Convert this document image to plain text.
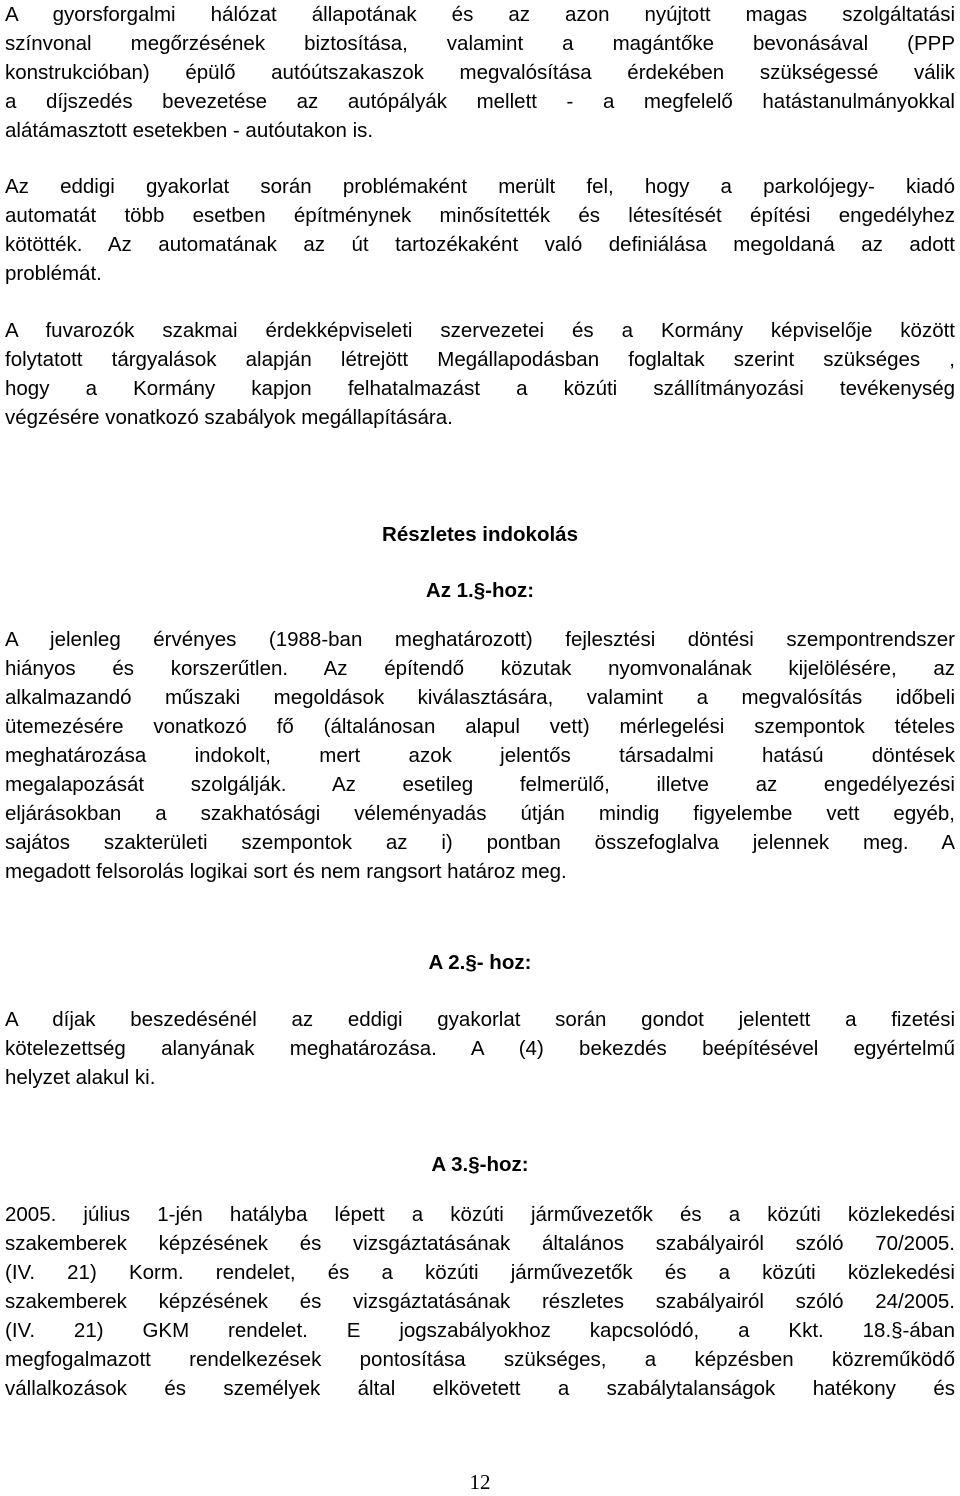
A gyorsforgalmi hálózat állapotának és az azon nyújtott magas szolgáltatási
színvonal megőrzésének biztosítása, valamint a magántőke bevonásával (PPP
konstrukcióban) épülő autóútszakaszok megvalósítása érdekében szükségessé válik
a díjszedés bevezetése az autópályák mellett - a megfelelő hatástanulmányokkal
alátámasztott esetekben - autóutakon is.
Az eddigi gyakorlat során problémaként merült fel, hogy a parkolójegy- kiadó
automatát több esetben építménynek minősítették és létesítését építési engedélyhez
kötötték. Az automatának az út tartozékaként való definiálása megoldaná az adott
problémát.
A fuvarozók szakmai érdekképviseleti szervezetei és a Kormány képviselője között
folytatott tárgyalások alapján létrejött Megállapodásban foglaltak szerint szükséges ,
hogy a Kormány kapjon felhatalmazást a közúti szállítmányozási tevékenység
végzésére vonatkozó szabályok megállapítására.
Részletes indokolás
Az 1.§-hoz:
A jelenleg érvényes (1988-ban meghatározott) fejlesztési döntési szempontrendszer
hiányos és korszerűtlen. Az építendő közutak nyomvonalának kijelölésére, az
alkalmazandó műszaki megoldások kiválasztására, valamint a megvalósítás időbeli
ütemezésére vonatkozó fő (általánosan alapul vett) mérlegelési szempontok tételes
meghatározása indokolt, mert azok jelentős társadalmi hatású döntések
megalapozását szolgálják. Az esetileg felmerülő, illetve az engedélyezési
eljárásokban a szakhatósági véleményadás útján mindig figyelembe vett egyéb,
sajátos szakterületi szempontok az i) pontban összefoglalva jelennek meg. A
megadott felsorolás logikai sort és nem rangsort határoz meg.
A 2.§- hoz:
A díjak beszedésénél az eddigi gyakorlat során gondot jelentett a fizetési
kötelezettség alanyának meghatározása. A (4) bekezdés beépítésével egyértelmű
helyzet alakul ki.
A 3.§-hoz:
2005. július 1-jén hatályba lépett a közúti járművezetők és a közúti közlekedési
szakemberek képzésének és vizsgáztatásának általános szabályairól szóló 70/2005.
(IV. 21) Korm. rendelet, és a közúti járművezetők és a közúti közlekedési
szakemberek képzésének és vizsgáztatásának részletes szabályairól szóló 24/2005.
(IV. 21) GKM rendelet. E jogszabályokhoz kapcsolódó, a Kkt. 18.§-ában
megfogalmazott rendelkezések pontosítása szükséges, a képzésben közreműködő
vállalkozások és személyek által elkövetett a szabálytalanságok hatékony és
12
